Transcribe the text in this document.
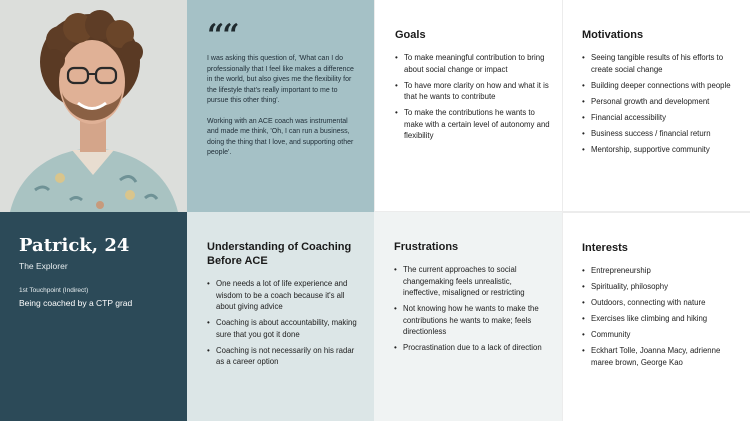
““

I was asking this question of, 'What can I do professionally that I feel like makes a difference in the world, but also gives me the flexibility for the lifestyle that's really important to me to pursue this other thing'.

Working with an ACE coach was instrumental and made me think, 'Oh, I can run a business, doing the thing that I love, and supporting other people'.

Goals
• To make meaningful contribution to bring about social change or impact
• To have more clarity on how and what it is that he wants to contribute
• To make the contributions he wants to make with a certain level of autonomy and flexibility
Motivations
• Seeing tangible results of his efforts to create social change
• Building deeper connections with people
• Personal growth and development
• Financial accessibility
• Business success / financial return
• Mentorship, supportive community
Patrick, 24
The Explorer
1st Touchpoint (Indirect)
Being coached by a CTP grad
Understanding of Coaching Before ACE
• One needs a lot of life experience and wisdom to be a coach because it's all about giving advice
• Coaching is about accountability, making sure that you got it done
• Coaching is not necessarily on his radar as a career option
Frustrations
• The current approaches to social changemaking feels unrealistic, ineffective, misaligned or restricting
• Not knowing how he wants to make the contributions he wants to make; feels directionless
• Procrastination due to a lack of direction
Interests
• Entrepreneurship
• Spirituality, philosophy
• Outdoors, connecting with nature
• Exercises like climbing and hiking
• Community
• Eckhart Tolle, Joanna Macy, adrienne maree brown, George Kao
